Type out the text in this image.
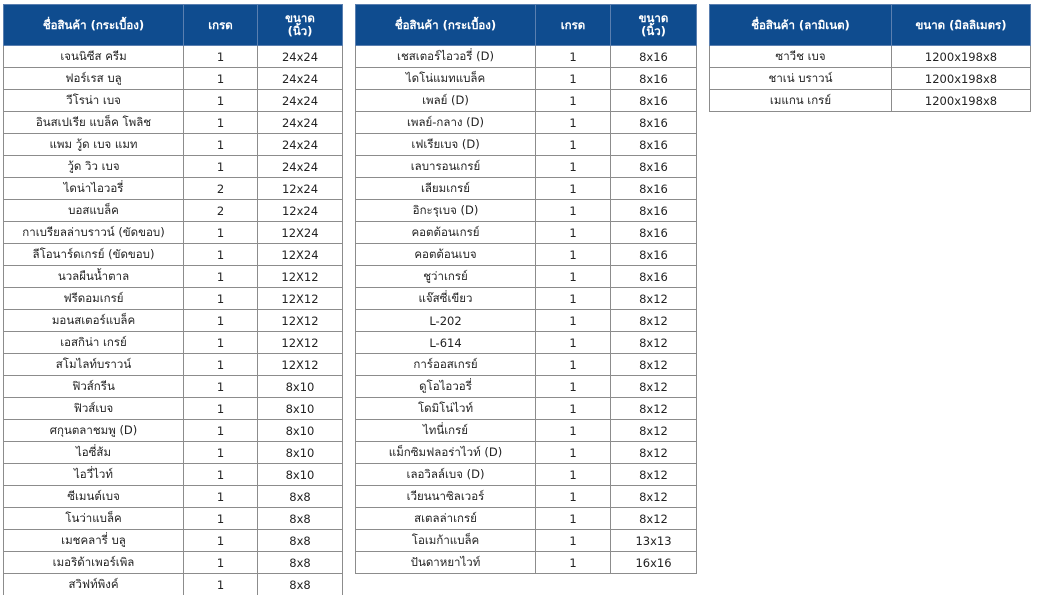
ชื่อสินค้า (กระเบื้อง)	เกรด	ขนาด
(นิ้ว)
เจนนิซีส ครีม	1	24x24
ฟอร์เรส บลู	1	24x24
วีโรน่า เบจ	1	24x24
อินสเปเรีย แบล็ค โพลิช	1	24x24
แพม วู้ด เบจ แมท	1	24x24
วู้ด วิว เบจ	1	24x24
ไดน่าไอวอรี่	2	12x24
บอสแบล็ค	2	12x24
กาเบรียลล่าบราวน์ (ขัดขอบ)	1	12X24
ลีโอนาร์ดเกรย์ (ขัดขอบ)	1	12X24
นวลผืนน้ำตาล	1	12X12
ฟรีดอมเกรย์	1	12X12
มอนสเตอร์แบล็ค	1	12X12
เอสกิน่า เกรย์	1	12X12
สโมไลท์บราวน์	1	12X12
ฟิวส์กรีน	1	8x10
ฟิวส์เบจ	1	8x10
ศกุนตลาชมพู (D)	1	8x10
ไอซี่ส้ม	1	8x10
ไอวี่ไวท์	1	8x10
ซีเมนต์เบจ	1	8x8
โนว่าแบล็ค	1	8x8
เมชคลารี่ บลู	1	8x8
เมอริด้าเพอร์เพิล	1	8x8
สวิฟท์พิงค์	1	8x8
ชื่อสินค้า (กระเบื้อง)	เกรด	ขนาด
(นิ้ว)
เชสเตอร์ไอวอรี่ (D)	1	8x16
ไดโน่แมทแบล็ค	1	8x16
เพลย์ (D)	1	8x16
เพลย์-กลาง (D)	1	8x16
เฟเรียเบจ (D)	1	8x16
เลบารอนเกรย์	1	8x16
เลียมเกรย์	1	8x16
อิกะรุเบจ (D)	1	8x16
คอตต้อนเกรย์	1	8x16
คอตต้อนเบจ	1	8x16
ชูว่าเกรย์	1	8x16
แจ๊สซี่เขียว	1	8x12
L-202	1	8x12
L-614	1	8x12
การ์ออสเกรย์	1	8x12
ดูโอไอวอรี่	1	8x12
โดมิโน่ไวท์	1	8x12
ไทนี่เกรย์	1	8x12
แม็กซิมฟลอร่าไวท์ (D)	1	8x12
เลอวิลล์เบจ (D)	1	8x12
เวียนนาซิลเวอร์	1	8x12
สเตลล่าเกรย์	1	8x12
โอเมก้าแบล็ค	1	13x13
ปันดาหยาไวท์	1	16x16
ชื่อสินค้า (ลามิเนต)	ขนาด (มิลลิเมตร)
ซาวีช เบจ	1200x198x8
ชาเน่ บราวน์	1200x198x8
เมแกน เกรย์	1200x198x8
